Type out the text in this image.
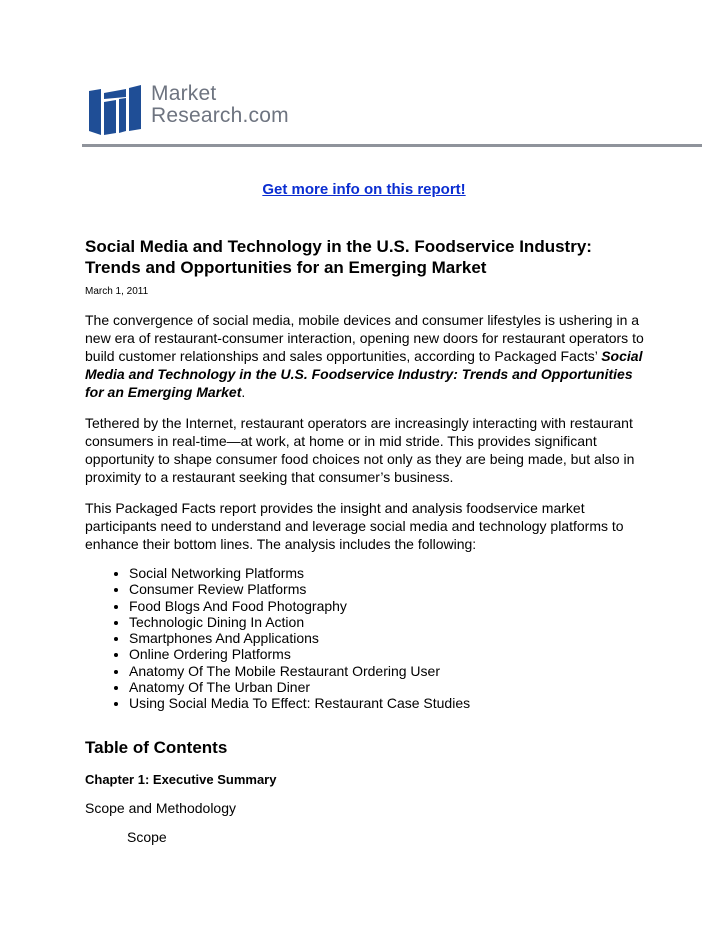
Market
Research.com
Get more info on this report!
Social Media and Technology in the U.S. Foodservice Industry: Trends and Opportunities for an Emerging Market
March 1, 2011

The convergence of social media, mobile devices and consumer lifestyles is ushering in a new era of restaurant-consumer interaction, opening new doors for restaurant operators to build customer relationships and sales opportunities, according to Packaged Facts’ Social Media and Technology in the U.S. Foodservice Industry: Trends and Opportunities for an Emerging Market.

Tethered by the Internet, restaurant operators are increasingly interacting with restaurant consumers in real-time—at work, at home or in mid stride. This provides significant opportunity to shape consumer food choices not only as they are being made, but also in proximity to a restaurant seeking that consumer’s business.

This Packaged Facts report provides the insight and analysis foodservice market participants need to understand and leverage social media and technology platforms to enhance their bottom lines. The analysis includes the following:

• Social Networking Platforms
• Consumer Review Platforms
• Food Blogs And Food Photography
• Technologic Dining In Action
• Smartphones And Applications
• Online Ordering Platforms
• Anatomy Of The Mobile Restaurant Ordering User
• Anatomy Of The Urban Diner
• Using Social Media To Effect: Restaurant Case Studies
Table of Contents
Chapter 1: Executive Summary
Scope and Methodology
Scope
